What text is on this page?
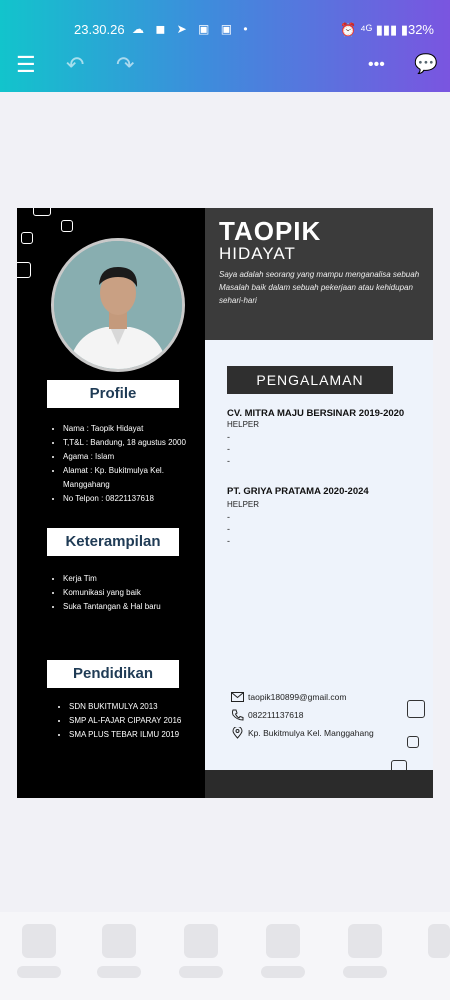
23.30.26 ☁ ◼ ➤ ▣ ▣ •	⏰ ⁴ᴳ ▮▮▮ ▮32%
☰ ↶ ↷	••• 💬
Profile
• Nama : Taopik Hidayat
• T,T&L : Bandung, 18 agustus 2000
• Agama : Islam
• Alamat : Kp. Bukitmulya Kel. Manggahang
• No Telpon : 08221137618
Keterampilan
• Kerja Tim
• Komunikasi yang baik
• Suka Tantangan & Hal baru
Pendidikan
• SDN BUKITMULYA 2013
• SMP AL-FAJAR CIPARAY 2016
• SMA PLUS TEBAR ILMU 2019
TAOPIK
HIDAYAT
Saya adalah seorang yang mampu menganalisa sebuah Masalah baik dalam sebuah pekerjaan atau kehidupan sehari-hari
PENGALAMAN
CV. MITRA MAJU BERSINAR 2019-2020
HELPER
-
-
-
PT. GRIYA PRATAMA 2020-2024
HELPER
-
-
-
taopik180899@gmail.com
082211137618
Kp. Bukitmulya Kel. Manggahang
